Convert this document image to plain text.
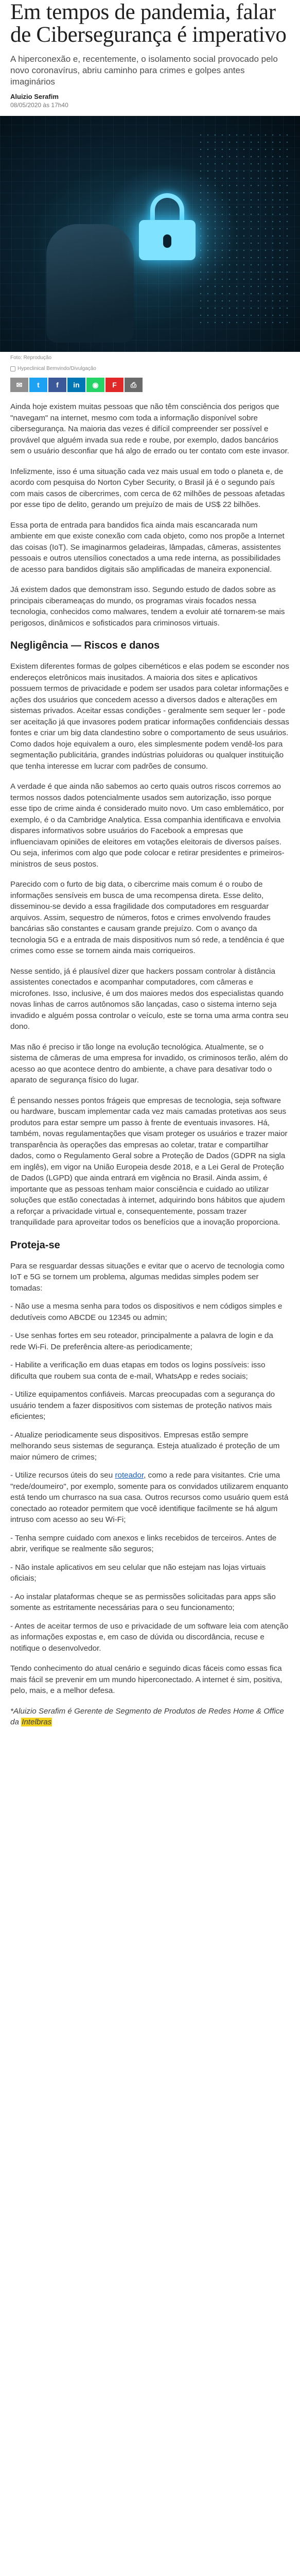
Em tempos de pandemia, falar de Cibersegurança é imperativo

A hiperconexão e, recentemente, o isolamento social provocado pelo novo coronavírus, abriu caminho para crimes e golpes antes imaginários

Aluizio Serafim
08/05/2020 às 17h40
Foto: Reprodução
Hypeclinical Bemvindo/Divulgação
✉ t f in ◉ F ⎙

Ainda hoje existem muitas pessoas que não têm consciência dos perigos que "navegam" na internet, mesmo com toda a informação disponível sobre cibersegurança. Na maioria das vezes é difícil compreender ser possível e provável que alguém invada sua rede e roube, por exemplo, dados bancários sem o usuário desconfiar que há algo de errado ou ter contato com este invasor.

Infelizmente, isso é uma situação cada vez mais usual em todo o planeta e, de acordo com pesquisa do Norton Cyber Security, o Brasil já é o segundo país com mais casos de cibercrimes, com cerca de 62 milhões de pessoas afetadas por esse tipo de delito, gerando um prejuízo de mais de US$ 22 bilhões.

Essa porta de entrada para bandidos fica ainda mais escancarada num ambiente em que existe conexão com cada objeto, como nos propõe a Internet das coisas (IoT). Se imaginarmos geladeiras, lâmpadas, câmeras, assistentes pessoais e outros utensílios conectados a uma rede interna, as possibilidades de acesso para bandidos digitais são amplificadas de maneira exponencial.

Já existem dados que demonstram isso. Segundo estudo de dados sobre as principais ciberameaças do mundo, os programas virais focados nessa tecnologia, conhecidos como malwares, tendem a evoluir até tornarem-se mais perigosos, dinâmicos e sofisticados para criminosos virtuais.

Negligência — Riscos e danos

Existem diferentes formas de golpes cibernéticos e elas podem se esconder nos endereços eletrônicos mais inusitados. A maioria dos sites e aplicativos possuem termos de privacidade e podem ser usados para coletar informações e ações dos usuários que concedem acesso a diversos dados e alterações em sistemas privados. Aceitar essas condições - geralmente sem sequer ler - pode ser aceitação já que invasores podem praticar informações confidenciais dessas fontes e criar um big data clandestino sobre o comportamento de seus usuários. Como dados hoje equivalem a ouro, eles simplesmente podem vendê-los para segmentação publicitária, grandes indústrias poluidoras ou qualquer instituição que tenha interesse em lucrar com padrões de consumo.

A verdade é que ainda não sabemos ao certo quais outros riscos corremos ao termos nossos dados potencialmente usados sem autorização, isso porque esse tipo de crime ainda é considerado muito novo. Um caso emblemático, por exemplo, é o da Cambridge Analytica. Essa companhia identificava e envolvia dispares informativos sobre usuários do Facebook a empresas que influenciavam opiniões de eleitores em votações eleitorais de diversos países. Ou seja, inferimos com algo que pode colocar e retirar presidentes e primeiros-ministros de seus postos.

Parecido com o furto de big data, o cibercrime mais comum é o roubo de informações sensíveis em busca de uma recompensa direta. Esse delito, disseminou-se devido a essa fragilidade dos computadores em resguardar arquivos. Assim, sequestro de números, fotos e crimes envolvendo fraudes bancárias são constantes e causam grande prejuízo. Com o avanço da tecnologia 5G e a entrada de mais dispositivos num só rede, a tendência é que crimes como esse se tornem ainda mais corriqueiros.

Nesse sentido, já é plausível dizer que hackers possam controlar à distância assistentes conectados e acompanhar computadores, com câmeras e microfones. Isso, inclusive, é um dos maiores medos dos especialistas quando novas linhas de carros autônomos são lançadas, caso o sistema interno seja invadido e alguém possa controlar o veículo, este se torna uma arma contra seu dono.

Mas não é preciso ir tão longe na evolução tecnológica. Atualmente, se o sistema de câmeras de uma empresa for invadido, os criminosos terão, além do acesso ao que acontece dentro do ambiente, a chave para desativar todo o aparato de segurança físico do lugar.

É pensando nesses pontos frágeis que empresas de tecnologia, seja software ou hardware, buscam implementar cada vez mais camadas protetivas aos seus produtos para estar sempre um passo à frente de eventuais invasores. Há, também, novas regulamentações que visam proteger os usuários e trazer maior transparência às operações das empresas ao coletar, tratar e compartilhar dados, como o Regulamento Geral sobre a Proteção de Dados (GDPR na sigla em inglês), em vigor na União Europeia desde 2018, e a Lei Geral de Proteção de Dados (LGPD) que ainda entrará em vigência no Brasil. Ainda assim, é importante que as pessoas tenham maior consciência e cuidado ao utilizar soluções que estão conectadas à internet, adquirindo bons hábitos que ajudem a reforçar a privacidade virtual e, consequentemente, possam trazer tranquilidade para aproveitar todos os benefícios que a inovação proporciona.

Proteja-se

Para se resguardar dessas situações e evitar que o acervo de tecnologia como IoT e 5G se tornem um problema, algumas medidas simples podem ser tomadas:

- Não use a mesma senha para todos os dispositivos e nem códigos simples e dedutíveis como ABCDE ou 12345 ou admin;
- Use senhas fortes em seu roteador, principalmente a palavra de login e da rede Wi-Fi. De preferência altere-as periodicamente;
- Habilite a verificação em duas etapas em todos os logins possíveis: isso dificulta que roubem sua conta de e-mail, WhatsApp e redes sociais;
- Utilize equipamentos confiáveis. Marcas preocupadas com a segurança do usuário tendem a fazer dispositivos com sistemas de proteção nativos mais eficientes;
- Atualize periodicamente seus dispositivos. Empresas estão sempre melhorando seus sistemas de segurança. Esteja atualizado é proteção de um maior número de crimes;
- Utilize recursos úteis do seu roteador, como a rede para visitantes. Crie uma "rede/doumeiro", por exemplo, somente para os convidados utilizarem enquanto está tendo um churrasco na sua casa. Outros recursos como usuário quem está conectado ao roteador permitem que você identifique facilmente se há algum intruso com acesso ao seu Wi-Fi;
- Tenha sempre cuidado com anexos e links recebidos de terceiros. Antes de abrir, verifique se realmente são seguros;
- Não instale aplicativos em seu celular que não estejam nas lojas virtuais oficiais;
- Ao instalar plataformas cheque se as permissões solicitadas para apps são somente as estritamente necessárias para o seu funcionamento;
- Antes de aceitar termos de uso e privacidade de um software leia com atenção as informações expostas e, em caso de dúvida ou discordância, recuse e notifique o desenvolvedor.

Tendo conhecimento do atual cenário e seguindo dicas fáceis como essas fica mais fácil se prevenir em um mundo hiperconectado. A internet é sim, positiva, pelo, mais, e a melhor defesa.

*Aluizio Serafim é Gerente de Segmento de Produtos de Redes Home & Office da Intelbras
